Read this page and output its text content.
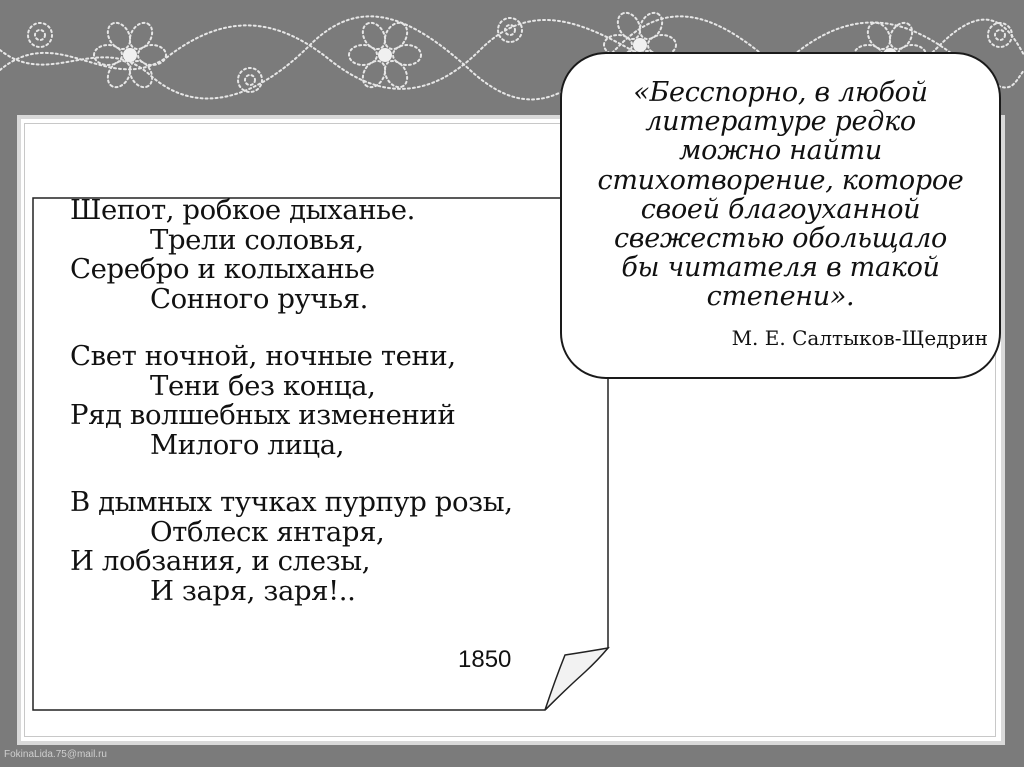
Шепот, робкое дыханье.
Трели соловья,
Серебро и колыханье
Сонного ручья.
Свет ночной, ночные тени,
Тени без конца,
Ряд волшебных изменений
Милого лица,
В дымных тучках пурпур розы,
Отблеск янтаря,
И лобзания, и слезы,
И заря, заря!..
1850
«Бесспорно, в любой
литературе редко
можно найти
стихотворение, которое
своей благоуханной
свежестью обольщало
бы читателя в такой
степени».
М. Е. Салтыков-Щедрин
FokinaLida.75@mail.ru
